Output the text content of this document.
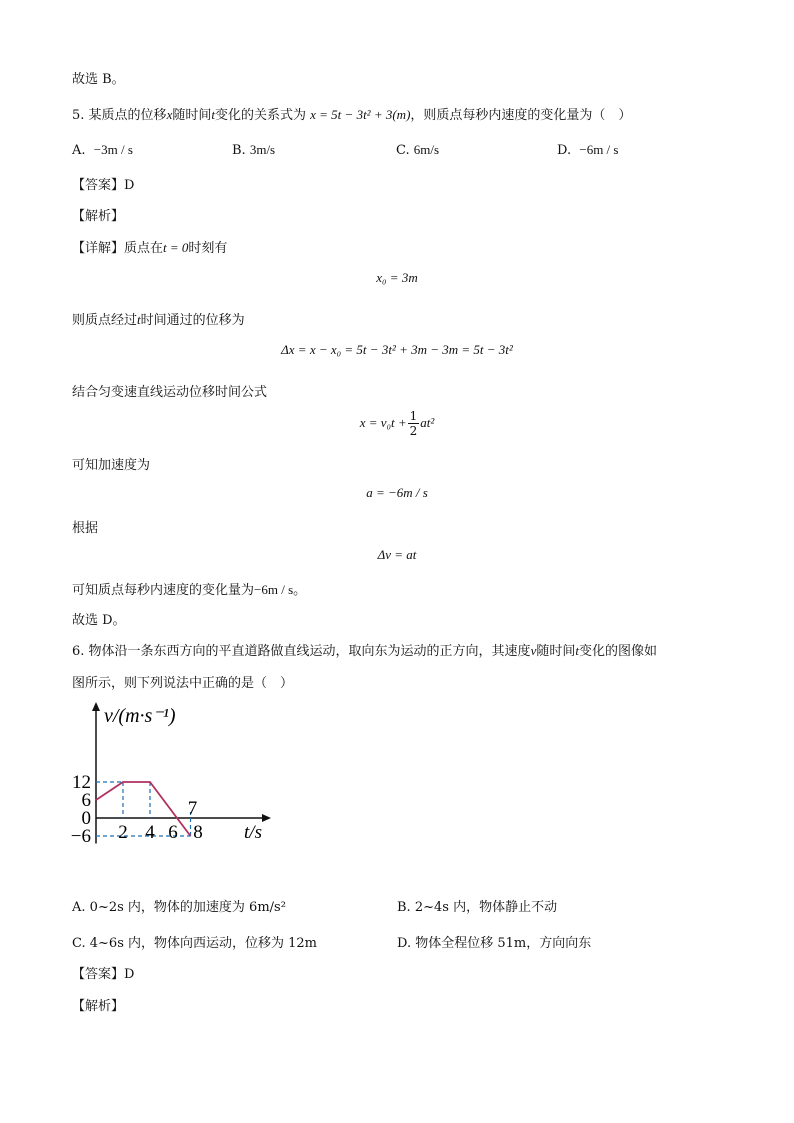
故选 B。
5. 某质点的位移x随时间t变化的关系式为 x = 5t − 3t² + 3(m)，则质点每秒内速度的变化量为（　）
A. −3m / s	B. 3m/s	C. 6m/s	D. −6m / s
【答案】D
【解析】
【详解】质点在t = 0时刻有
x₀ = 3m
则质点经过t时间通过的位移为
Δx = x − x₀ = 5t − 3t² + 3m − 3m = 5t − 3t²
结合匀变速直线运动位移时间公式
$x = v_0t + \frac{1}{2} at^2$
可知加速度为
a = −6m / s
根据
Δv = at
可知质点每秒内速度的变化量为−6m / s。
故选 D。
6. 物体沿一条东西方向的平直道路做直线运动，取向东为运动的正方向，其速度v随时间t变化的图像如
图所示，则下列说法中正确的是（　）
12
6
0
−6 2 4 6
7
8
v/(m·s⁻¹)
t/s
A. 0~2s 内，物体的加速度为 6m/s²	B. 2~4s 内，物体静止不动
C. 4~6s 内，物体向西运动，位移为 12m	D. 物体全程位移 51m，方向向东
【答案】D
【解析】
